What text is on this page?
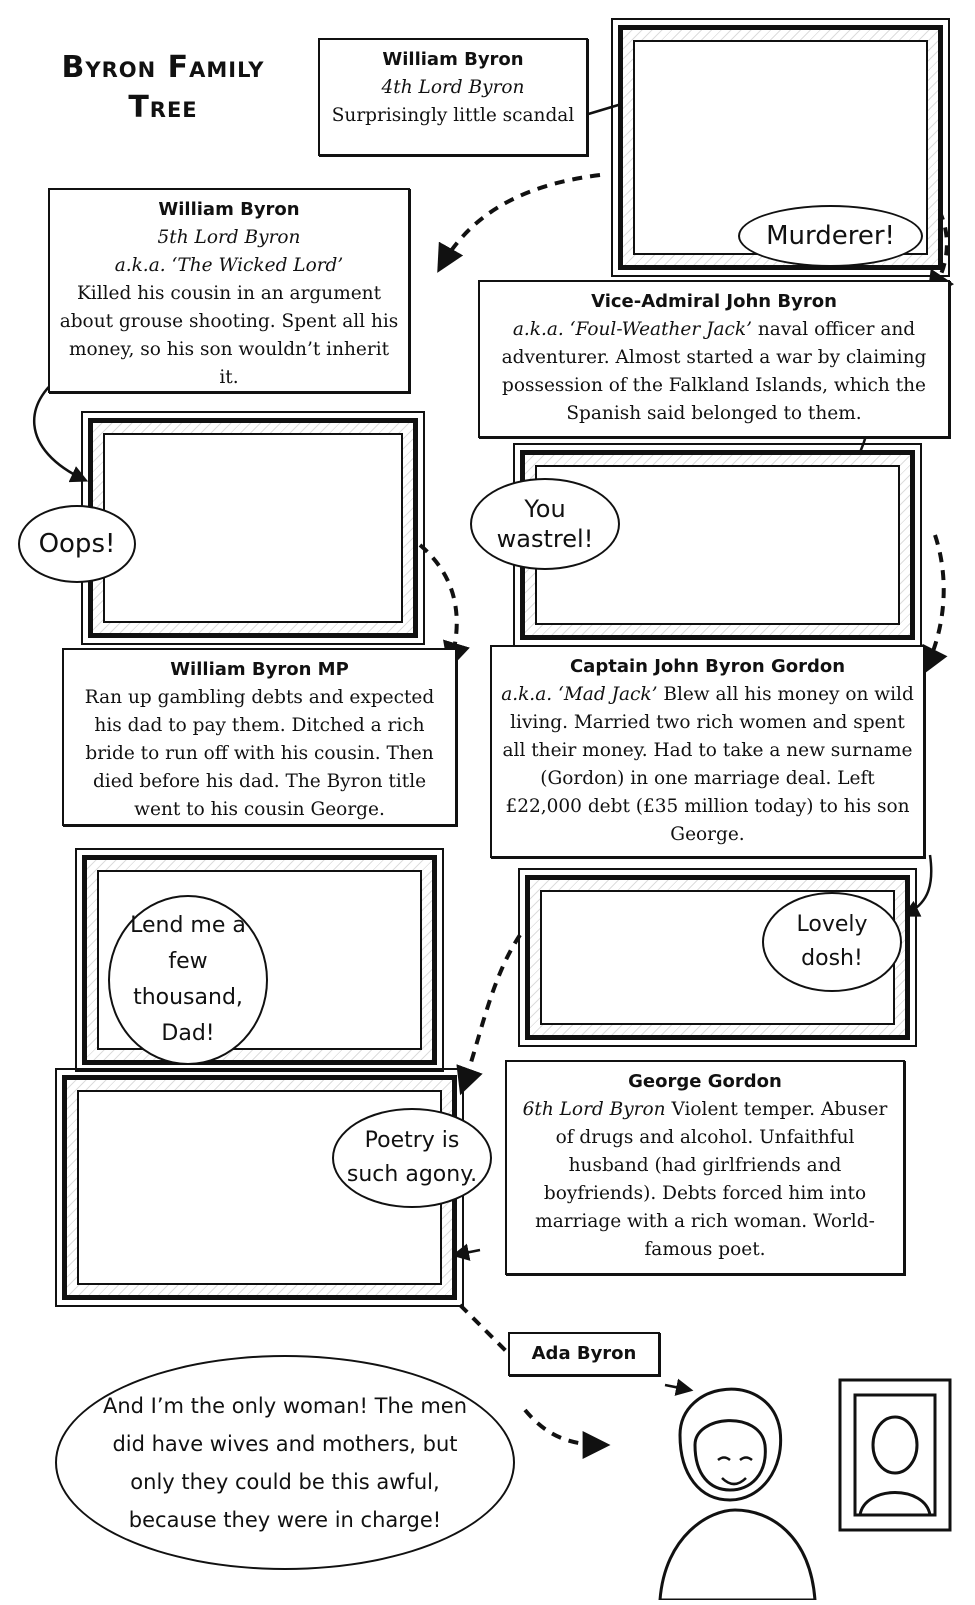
Byron Family Tree
William Byron
4th Lord Byron
Surprisingly little scandal
Murderer!
William Byron
5th Lord Byron
a.k.a. ‘The Wicked Lord’
Killed his cousin in an argument about grouse shooting. Spent all his money, so his son wouldn’t inherit it.
Vice-Admiral John Byron
a.k.a. ‘Foul-Weather Jack’ naval officer and adventurer. Almost started a war by claiming possession of the Falkland Islands, which the Spanish said belonged to them.
Oops!
You wastrel!
William Byron MP
Ran up gambling debts and expected his dad to pay them. Ditched a rich bride to run off with his cousin. Then died before his dad. The Byron title went to his cousin George.
Captain John Byron Gordon
a.k.a. ‘Mad Jack’ Blew all his money on wild living. Married two rich women and spent all their money. Had to take a new surname (Gordon) in one marriage deal. Left £22,000 debt (£35 million today) to his son George.
Lend me a few thousand, Dad!
Lovely dosh!
Poetry is such agony.
George Gordon
6th Lord Byron Violent temper. Abuser of drugs and alcohol. Unfaithful husband (had girlfriends and boyfriends). Debts forced him into marriage with a rich woman. World-famous poet.
Ada Byron
And I’m the only woman! The men did have wives and mothers, but only they could be this awful, because they were in charge!
